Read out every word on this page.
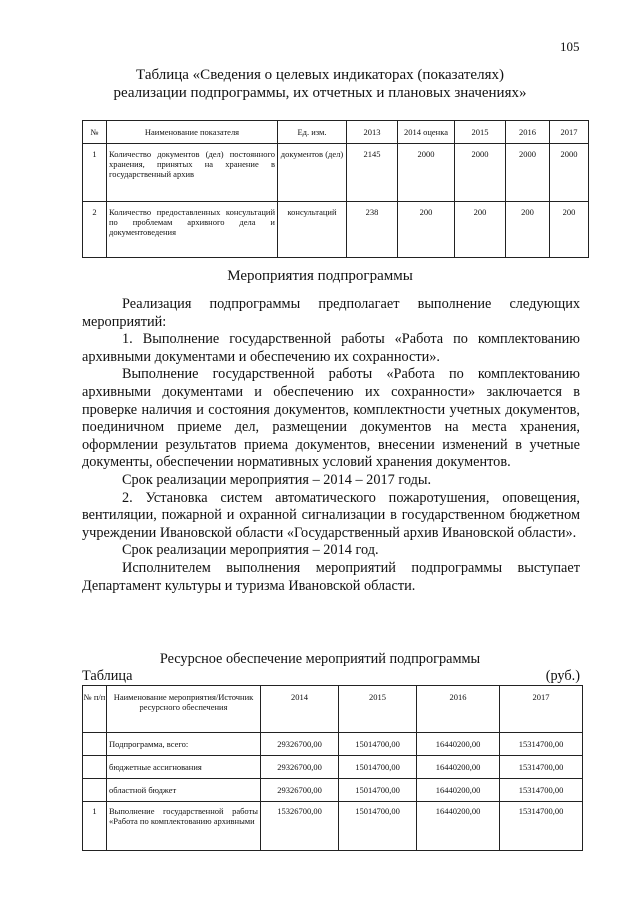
105
Таблица «Сведения о целевых индикаторах (показателях)
реализации подпрограммы, их отчетных и плановых значениях»
№	Наименование показателя	Ед. изм.	2013	2014 оценка	2015	2016	2017
1	Количество документов (дел) постоянного хранения, принятых на хранение в государственный архив	документов (дел)	2145	2000	2000	2000	2000
2	Количество предоставленных консультаций по проблемам архивного дела и документоведения	консультаций	238	200	200	200	200
Мероприятия подпрограммы

Реализация подпрограммы предполагает выполнение следующих мероприятий:

1. Выполнение государственной работы «Работа по комплектованию архивными документами и обеспечению их сохранности».

Выполнение государственной работы «Работа по комплектованию архивными документами и обеспечению их сохранности» заключается в проверке наличия и состояния документов, комплектности учетных документов, поединичном приеме дел, размещении документов на места хранения, оформлении результатов приема документов, внесении изменений в учетные документы, обеспечении нормативных условий хранения документов.

Срок реализации мероприятия – 2014 – 2017 годы.

2. Установка систем автоматического пожаротушения, оповещения, вентиляции, пожарной и охранной сигнализации в государственном бюджетном учреждении Ивановской области «Государственный архив Ивановской области».

Срок реализации мероприятия – 2014 год.

Исполнителем выполнения мероприятий подпрограммы выступает Департамент культуры и туризма Ивановской области.

Ресурсное обеспечение мероприятий подпрограммы
Таблица	(руб.)
№ п/п	Наименование мероприятия/Источник ресурсного обеспечения	2014	2015	2016	2017
	Подпрограмма, всего:	29326700,00	15014700,00	16440200,00	15314700,00
	бюджетные ассигнования	29326700,00	15014700,00	16440200,00	15314700,00
	областной бюджет	29326700,00	15014700,00	16440200,00	15314700,00
1	Выполнение государственной работы «Работа по комплектованию архивными	15326700,00	15014700,00	16440200,00	15314700,00
